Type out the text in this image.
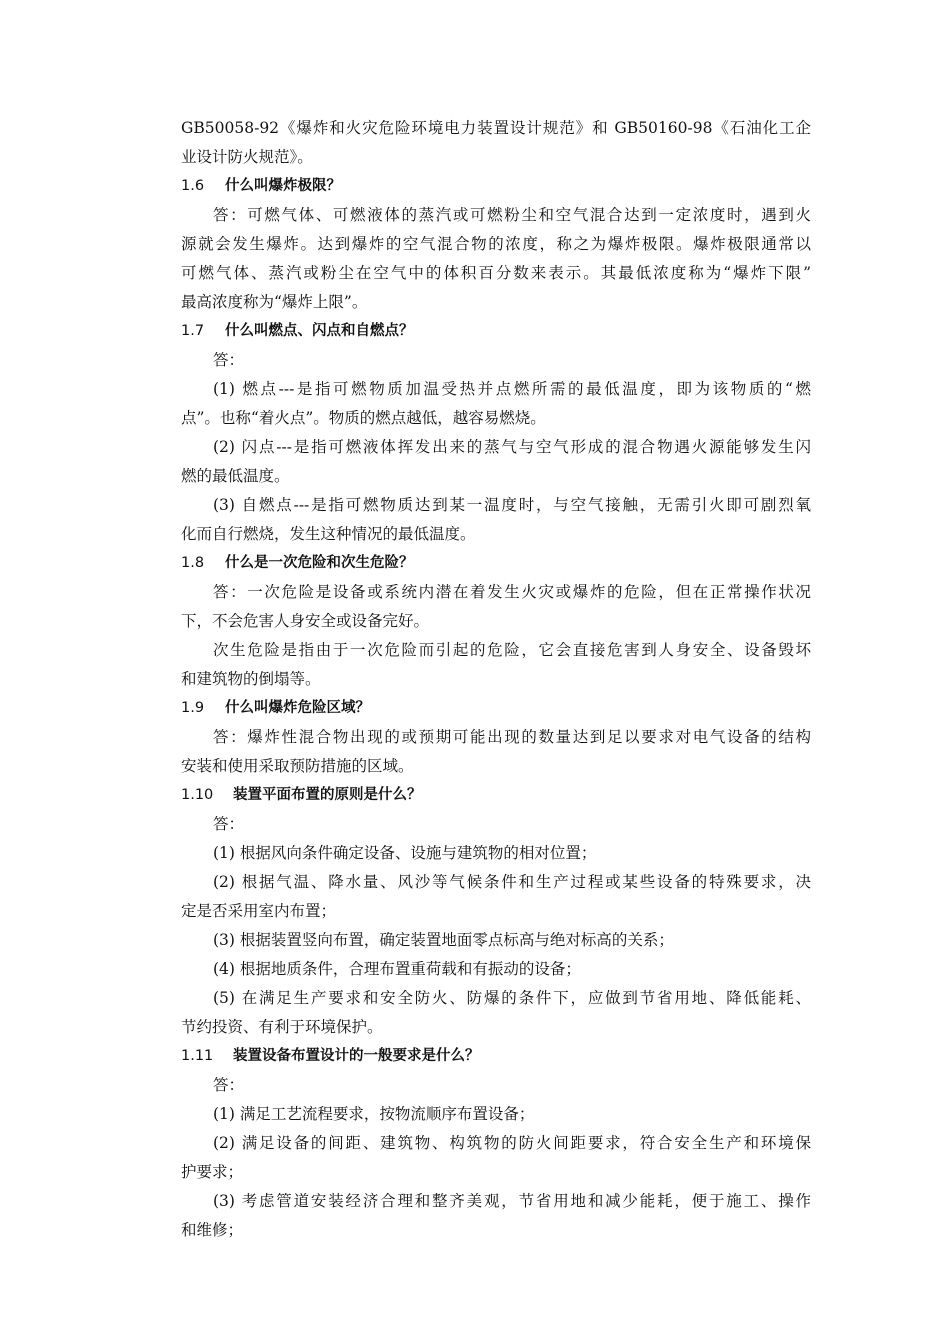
GB50058-92《爆炸和火灾危险环境电力装置设计规范》和 GB50160-98《石油化工企
业设计防火规范》。
1.6 什么叫爆炸极限？
答：可燃气体、可燃液体的蒸汽或可燃粉尘和空气混合达到一定浓度时，遇到火
源就会发生爆炸。达到爆炸的空气混合物的浓度，称之为爆炸极限。爆炸极限通常以
可燃气体、蒸汽或粉尘在空气中的体积百分数来表示。其最低浓度称为“爆炸下限”
最高浓度称为“爆炸上限”。
1.7 什么叫燃点、闪点和自燃点？
答：
(1) 燃点---是指可燃物质加温受热并点燃所需的最低温度，即为该物质的“燃
点”。也称“着火点”。物质的燃点越低，越容易燃烧。
(2) 闪点---是指可燃液体挥发出来的蒸气与空气形成的混合物遇火源能够发生闪
燃的最低温度。
(3) 自燃点---是指可燃物质达到某一温度时，与空气接触，无需引火即可剧烈氧
化而自行燃烧，发生这种情况的最低温度。
1.8 什么是一次危险和次生危险？
答：一次危险是设备或系统内潜在着发生火灾或爆炸的危险，但在正常操作状况
下，不会危害人身安全或设备完好。
次生危险是指由于一次危险而引起的危险，它会直接危害到人身安全、设备毁坏
和建筑物的倒塌等。
1.9 什么叫爆炸危险区域？
答：爆炸性混合物出现的或预期可能出现的数量达到足以要求对电气设备的结构
安装和使用采取预防措施的区域。
1.10 装置平面布置的原则是什么？
答：
(1) 根据风向条件确定设备、设施与建筑物的相对位置；
(2) 根据气温、降水量、风沙等气候条件和生产过程或某些设备的特殊要求，决
定是否采用室内布置；
(3) 根据装置竖向布置，确定装置地面零点标高与绝对标高的关系；
(4) 根据地质条件，合理布置重荷载和有振动的设备；
(5) 在满足生产要求和安全防火、防爆的条件下，应做到节省用地、降低能耗、
节约投资、有利于环境保护。
1.11 装置设备布置设计的一般要求是什么？
答：
(1) 满足工艺流程要求，按物流顺序布置设备；
(2) 满足设备的间距、建筑物、构筑物的防火间距要求，符合安全生产和环境保
护要求；
(3) 考虑管道安装经济合理和整齐美观，节省用地和减少能耗，便于施工、操作
和维修；
